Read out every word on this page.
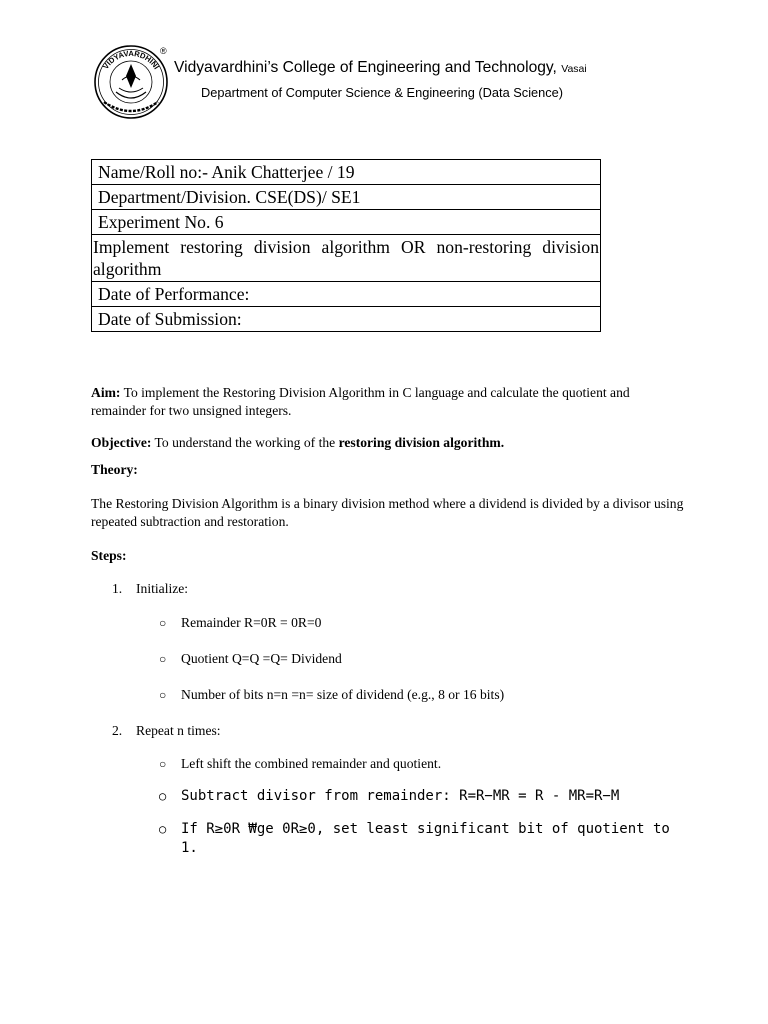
VIDYAVARDHINI
®
Vidyavardhini’s College of Engineering and Technology, Vasai
Department of Computer Science & Engineering (Data Science)
Name/Roll no:- Anik Chatterjee / 19
Department/Division. CSE(DS)/ SE1
Experiment No. 6
Implement restoring division algorithm OR non-restoring division algorithm
Date of Performance:
Date of Submission:

Aim: To implement the Restoring Division Algorithm in C language and calculate the quotient and remainder for two unsigned integers.

Objective: To understand the working of the restoring division algorithm.

Theory:

The Restoring Division Algorithm is a binary division method where a dividend is divided by a divisor using repeated subtraction and restoration.

Steps:

1. Initialize:
○ Remainder R=0R = 0R=0
○ Quotient Q=Q =Q= Dividend
○ Number of bits n=n =n= size of dividend (e.g., 8 or 16 bits)
2. Repeat n times:
○ Left shift the combined remainder and quotient.
○ Subtract divisor from remainder: R=R−MR = R - MR=R−M
○ If R≥0R ₩ge 0R≥0, set least significant bit of quotient to 1.
